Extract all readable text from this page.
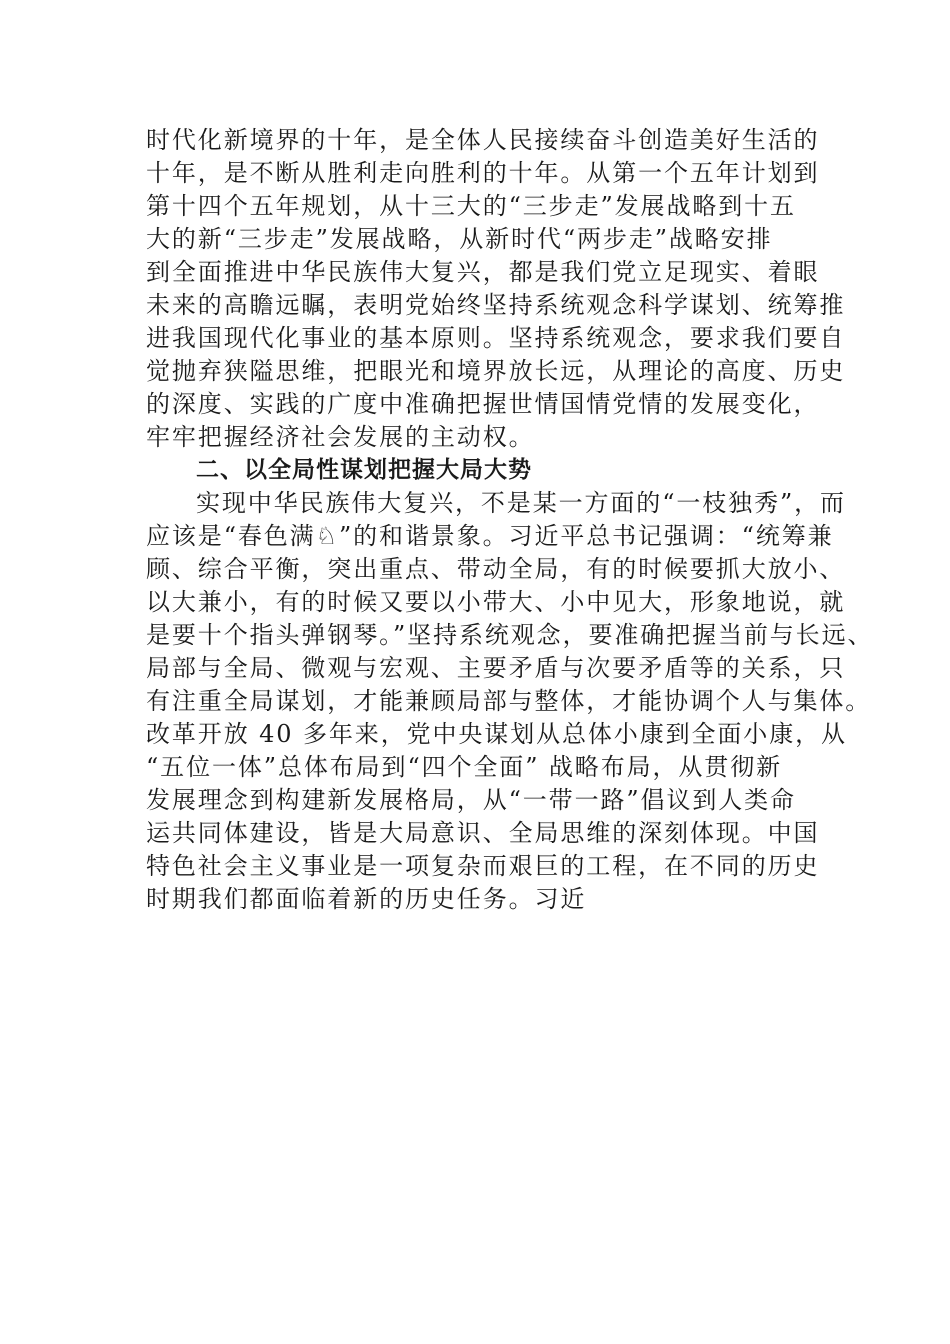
时代化新境界的十年，是全体人民接续奋斗创造美好生活的
十年，是不断从胜利走向胜利的十年。从第一个五年计划到
第十四个五年规划，从十三大的“三步走”发展战略到十五
大的新“三步走”发展战略，从新时代“两步走”战略安排
到全面推进中华民族伟大复兴，都是我们党立足现实、着眼
未来的高瞻远瞩，表明党始终坚持系统观念科学谋划、统筹推
进我国现代化事业的基本原则。坚持系统观念，要求我们要自
觉抛弃狭隘思维，把眼光和境界放长远，从理论的高度、历史
的深度、实践的广度中准确把握世情国情党情的发展变化，
牢牢把握经济社会发展的主动权。
二、以全局性谋划把握大局大势
实现中华民族伟大复兴，不是某一方面的“一枝独秀”，而
应该是“春色满♘”的和谐景象。习近平总书记强调：“统筹兼
顾、综合平衡，突出重点、带动全局，有的时候要抓大放小、
以大兼小，有的时候又要以小带大、小中见大，形象地说，就
是要十个指头弹钢琴。”坚持系统观念，要准确把握当前与长远、
局部与全局、微观与宏观、主要矛盾与次要矛盾等的关系，只
有注重全局谋划，才能兼顾局部与整体，才能协调个人与集体。
改革开放 40 多年来，党中央谋划从总体小康到全面小康，从
“五位一体”总体布局到“四个全面” 战略布局，从贯彻新
发展理念到构建新发展格局，从“一带一路”倡议到人类命
运共同体建设，皆是大局意识、全局思维的深刻体现。中国
特色社会主义事业是一项复杂而艰巨的工程，在不同的历史
时期我们都面临着新的历史任务。习近
